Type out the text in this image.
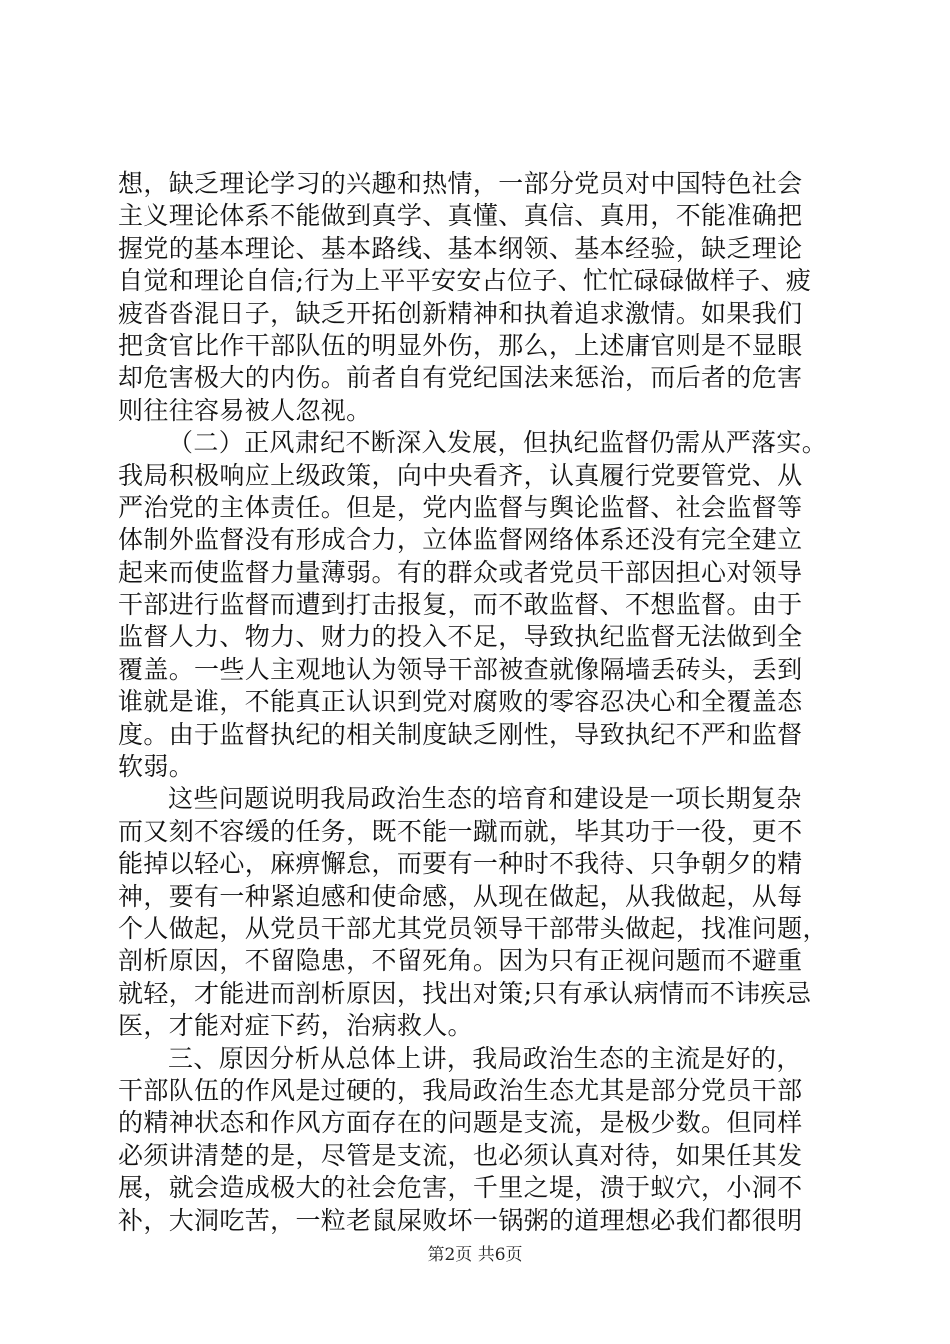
想，缺乏理论学习的兴趣和热情，一部分党员对中国特色社会
主义理论体系不能做到真学、真懂、真信、真用，不能准确把
握党的基本理论、基本路线、基本纲领、基本经验，缺乏理论
自觉和理论自信;行为上平平安安占位子、忙忙碌碌做样子、疲
疲沓沓混日子，缺乏开拓创新精神和执着追求激情。如果我们
把贪官比作干部队伍的明显外伤，那么，上述庸官则是不显眼
却危害极大的内伤。前者自有党纪国法来惩治，而后者的危害
则往往容易被人忽视。
（二）正风肃纪不断深入发展，但执纪监督仍需从严落实。
我局积极响应上级政策，向中央看齐，认真履行党要管党、从
严治党的主体责任。但是，党内监督与舆论监督、社会监督等
体制外监督没有形成合力，立体监督网络体系还没有完全建立
起来而使监督力量薄弱。有的群众或者党员干部因担心对领导
干部进行监督而遭到打击报复，而不敢监督、不想监督。由于
监督人力、物力、财力的投入不足，导致执纪监督无法做到全
覆盖。一些人主观地认为领导干部被查就像隔墙丢砖头，丢到
谁就是谁，不能真正认识到党对腐败的零容忍决心和全覆盖态
度。由于监督执纪的相关制度缺乏刚性，导致执纪不严和监督
软弱。
这些问题说明我局政治生态的培育和建设是一项长期复杂
而又刻不容缓的任务，既不能一蹴而就，毕其功于一役，更不
能掉以轻心，麻痹懈怠，而要有一种时不我待、只争朝夕的精
神，要有一种紧迫感和使命感，从现在做起，从我做起，从每
个人做起，从党员干部尤其党员领导干部带头做起，找准问题，
剖析原因，不留隐患，不留死角。因为只有正视问题而不避重
就轻，才能进而剖析原因，找出对策;只有承认病情而不讳疾忌
医，才能对症下药，治病救人。
三、原因分析从总体上讲，我局政治生态的主流是好的，
干部队伍的作风是过硬的，我局政治生态尤其是部分党员干部
的精神状态和作风方面存在的问题是支流，是极少数。但同样
必须讲清楚的是，尽管是支流，也必须认真对待，如果任其发
展，就会造成极大的社会危害，千里之堤，溃于蚁穴，小洞不
补，大洞吃苦，一粒老鼠屎败坏一锅粥的道理想必我们都很明
第2页 共6页
